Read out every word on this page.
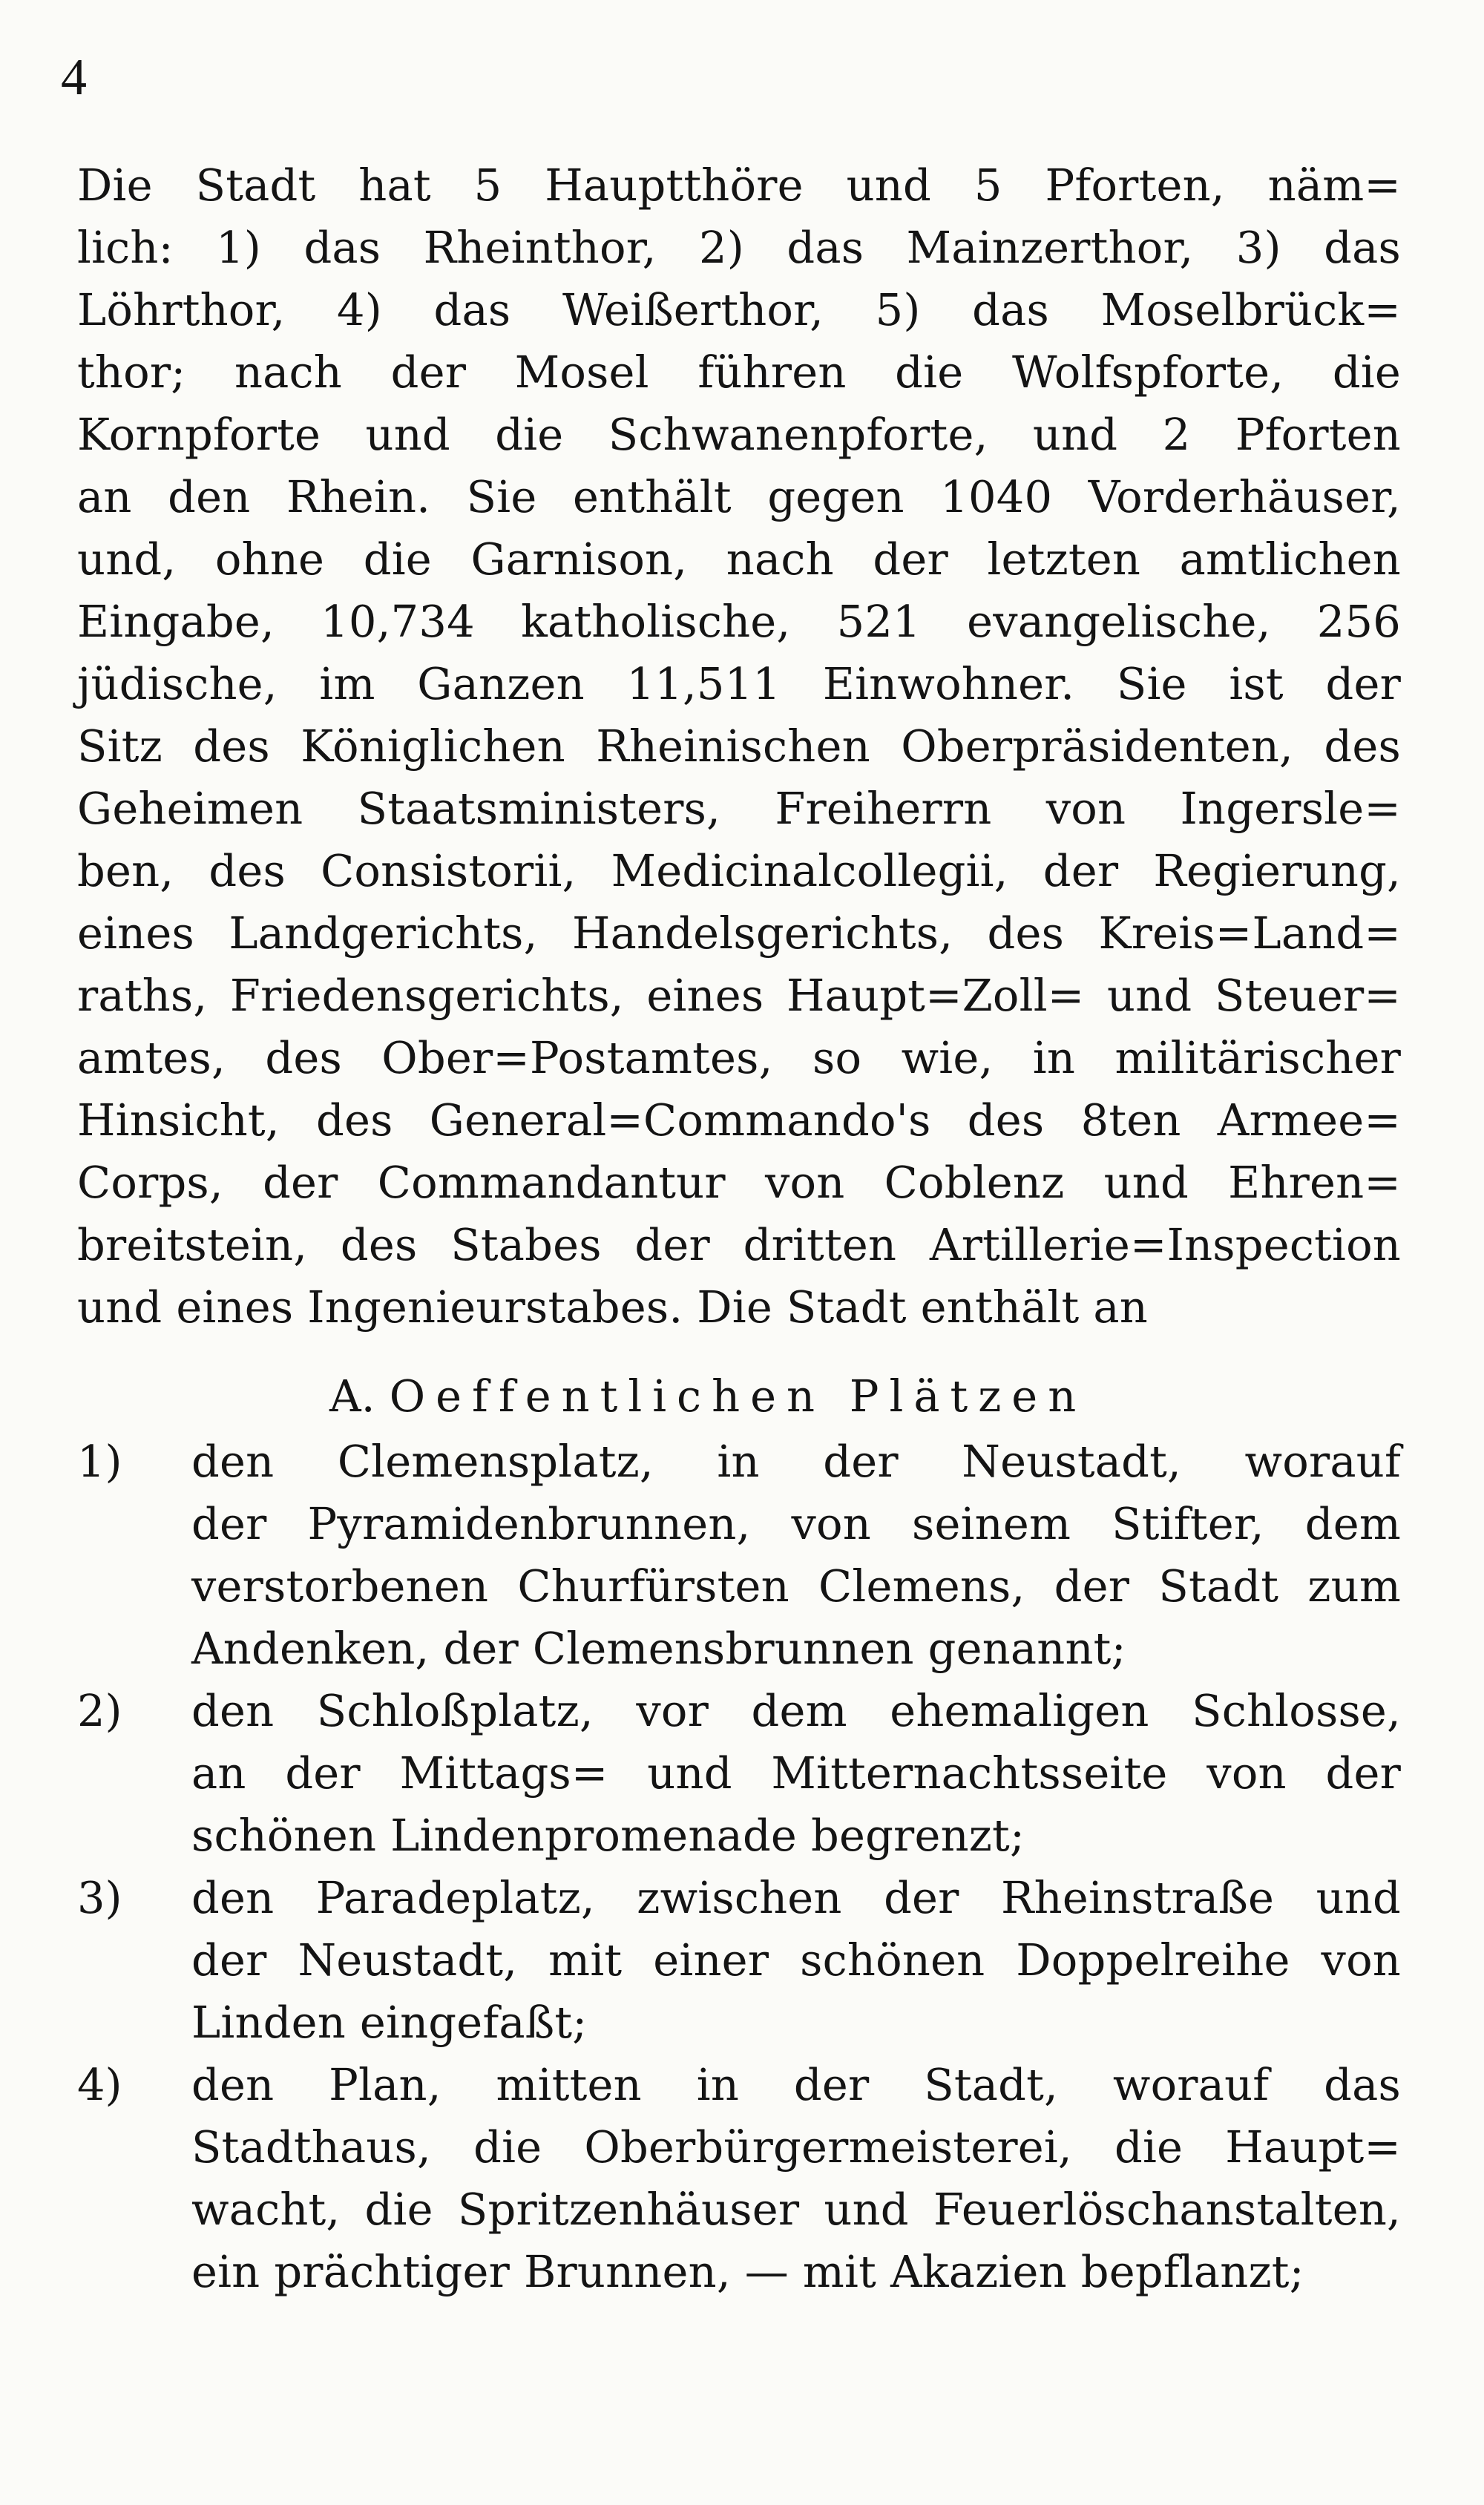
4
Die Stadt hat 5 Hauptthöre und 5 Pforten, näm=
lich: 1) das Rheinthor, 2) das Mainzerthor, 3) das
Löhrthor, 4) das Weißerthor, 5) das Moselbrück=
thor; nach der Mosel führen die Wolfspforte, die
Kornpforte und die Schwanenpforte, und 2 Pforten
an den Rhein. Sie enthält gegen 1040 Vorderhäuser,
und, ohne die Garnison, nach der letzten amtlichen
Eingabe, 10,734 katholische, 521 evangelische, 256
jüdische, im Ganzen 11,511 Einwohner. Sie ist der
Sitz des Königlichen Rheinischen Oberpräsidenten, des
Geheimen Staatsministers, Freiherrn von Ingersle=
ben, des Consistorii, Medicinalcollegii, der Regierung,
eines Landgerichts, Handelsgerichts, des Kreis=Land=
raths, Friedensgerichts, eines Haupt=Zoll= und Steuer=
amtes, des Ober=Postamtes, so wie, in militärischer
Hinsicht, des General=Commando's des 8ten Armee=
Corps, der Commandantur von Coblenz und Ehren=
breitstein, des Stabes der dritten Artillerie=Inspection
und eines Ingenieurstabes. Die Stadt enthält an
A. Oeffentlichen Plätzen
1)	den Clemensplatz, in der Neustadt, worauf
der Pyramidenbrunnen, von seinem Stifter, dem
verstorbenen Churfürsten Clemens, der Stadt zum
Andenken, der Clemensbrunnen genannt;
2)	den Schloßplatz, vor dem ehemaligen Schlosse,
an der Mittags= und Mitternachtsseite von der
schönen Lindenpromenade begrenzt;
3)	den Paradeplatz, zwischen der Rheinstraße und
der Neustadt, mit einer schönen Doppelreihe von
Linden eingefaßt;
4)	den Plan, mitten in der Stadt, worauf das
Stadthaus, die Oberbürgermeisterei, die Haupt=
wacht, die Spritzenhäuser und Feuerlöschanstalten,
ein prächtiger Brunnen, — mit Akazien bepflanzt;
